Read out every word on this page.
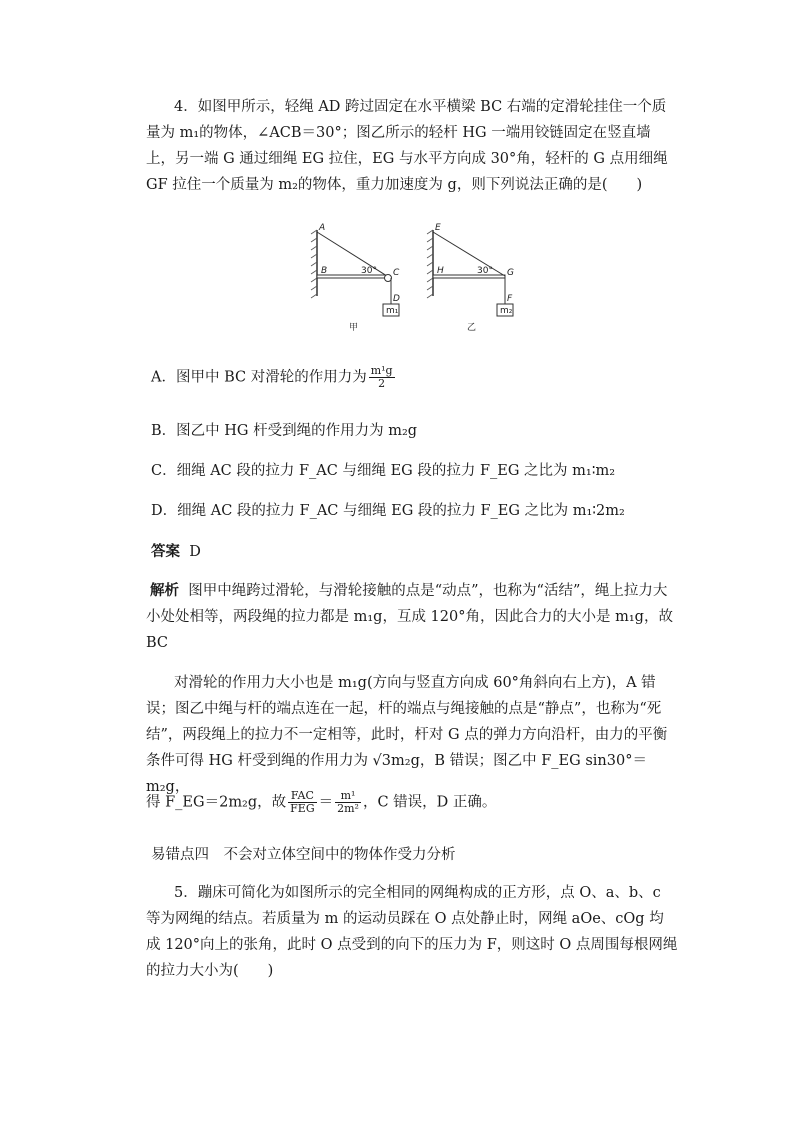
4．如图甲所示，轻绳 AD 跨过固定在水平横梁 BC 右端的定滑轮挂住一个质量为 m₁的物体，∠ACB＝30°；图乙所示的轻杆 HG 一端用铰链固定在竖直墙上，另一端 G 通过细绳 EG 拉住，EG 与水平方向成 30°角，轻杆的 G 点用细绳 GF 拉住一个质量为 m₂的物体，重力加速度为 g，则下列说法正确的是(　　)

m₁
A
B	C
D
30°
甲
m₂
E
H	G
F
30°
乙
A．图甲中 BC 对滑轮的作用力为 $\frac{\text{m¹g}}{2}$
B．图乙中 HG 杆受到绳的作用力为 m₂g
C．细绳 AC 段的拉力 F_AC 与细绳 EG 段的拉力 F_EG 之比为 m₁∶m₂
D．细绳 AC 段的拉力 F_AC 与细绳 EG 段的拉力 F_EG 之比为 m₁∶2m₂
答案 D

解析 图甲中绳跨过滑轮，与滑轮接触的点是“动点”，也称为“活结”，绳上拉力大小处处相等，两段绳的拉力都是 m₁g，互成 120°角，因此合力的大小是 m₁g，故 BC

对滑轮的作用力大小也是 m₁g(方向与竖直方向成 60°角斜向右上方)，A 错误；图乙中绳与杆的端点连在一起，杆的端点与绳接触的点是“静点”，也称为“死结”，两段绳上的拉力不一定相等，此时，杆对 G 点的弹力方向沿杆，由力的平衡条件可得 HG 杆受到绳的作用力为 √3m₂g，B 错误；图乙中 F_EG sin30°＝m₂g，

得 F_EG＝2m₂g，故 $\frac{\text{FAC}}{\text{FEG}} = \frac{\text{m¹}}{\text{2m²}}$ ，C 错误，D 正确。
易错点四　不会对立体空间中的物体作受力分析

5．蹦床可简化为如图所示的完全相同的网绳构成的正方形，点 O、a、b、c 等为网绳的结点。若质量为 m 的运动员踩在 O 点处静止时，网绳 aOe、cOg 均成 120°向上的张角，此时 O 点受到的向下的压力为 F，则这时 O 点周围每根网绳的拉力大小为(　　)
